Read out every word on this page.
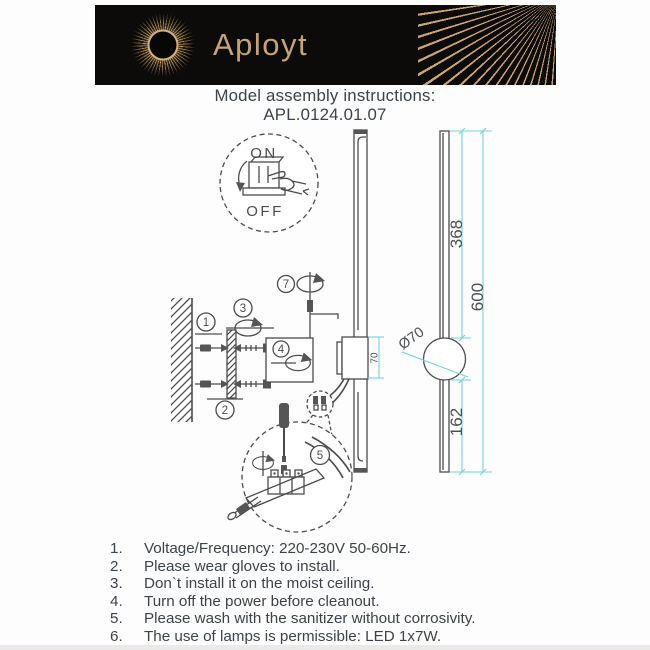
Aployt
Model assembly instructions:
APL.0124.01.07
ON
OFF
1
2
3
4
7
70
5
368
600
162
Ø70
1.	Voltage/Frequency: 220-230V 50-60Hz.
2.	Please wear gloves to install.
3.	Don`t install it on the moist ceiling.
4.	Turn off the power before cleanout.
5.	Please wash with the sanitizer without corrosivity.
6.	The use of lamps is permissible: LED 1x7W.
